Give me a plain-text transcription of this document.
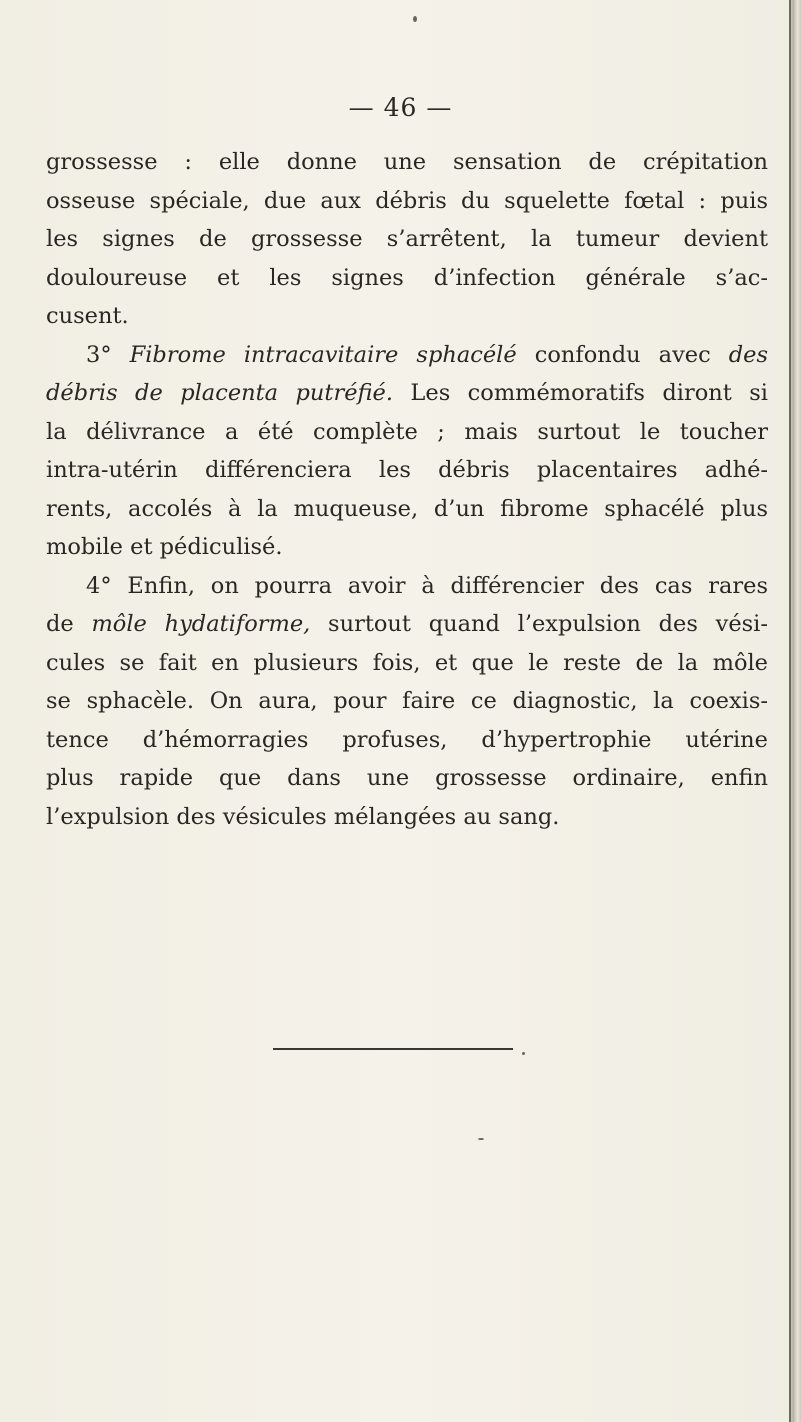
— 46 —
grossesse : elle donne une sensation de crépitation
osseuse spéciale, due aux débris du squelette fœtal : puis
les signes de grossesse s’arrêtent, la tumeur devient
douloureuse et les signes d’infection générale s’ac-
cusent.
3° Fibrome intracavitaire sphacélé confondu avec des
débris de placenta putréfié. Les commémoratifs diront si
la délivrance a été complète ; mais surtout le toucher
intra-utérin différenciera les débris placentaires adhé-
rents, accolés à la muqueuse, d’un fibrome sphacélé plus
mobile et pédiculisé.
4° Enfin, on pourra avoir à différencier des cas rares
de môle hydatiforme, surtout quand l’expulsion des vési-
cules se fait en plusieurs fois, et que le reste de la môle
se sphacèle. On aura, pour faire ce diagnostic, la coexis-
tence d’hémorragies profuses, d’hypertrophie utérine
plus rapide que dans une grossesse ordinaire, enfin
l’expulsion des vésicules mélangées au sang.
